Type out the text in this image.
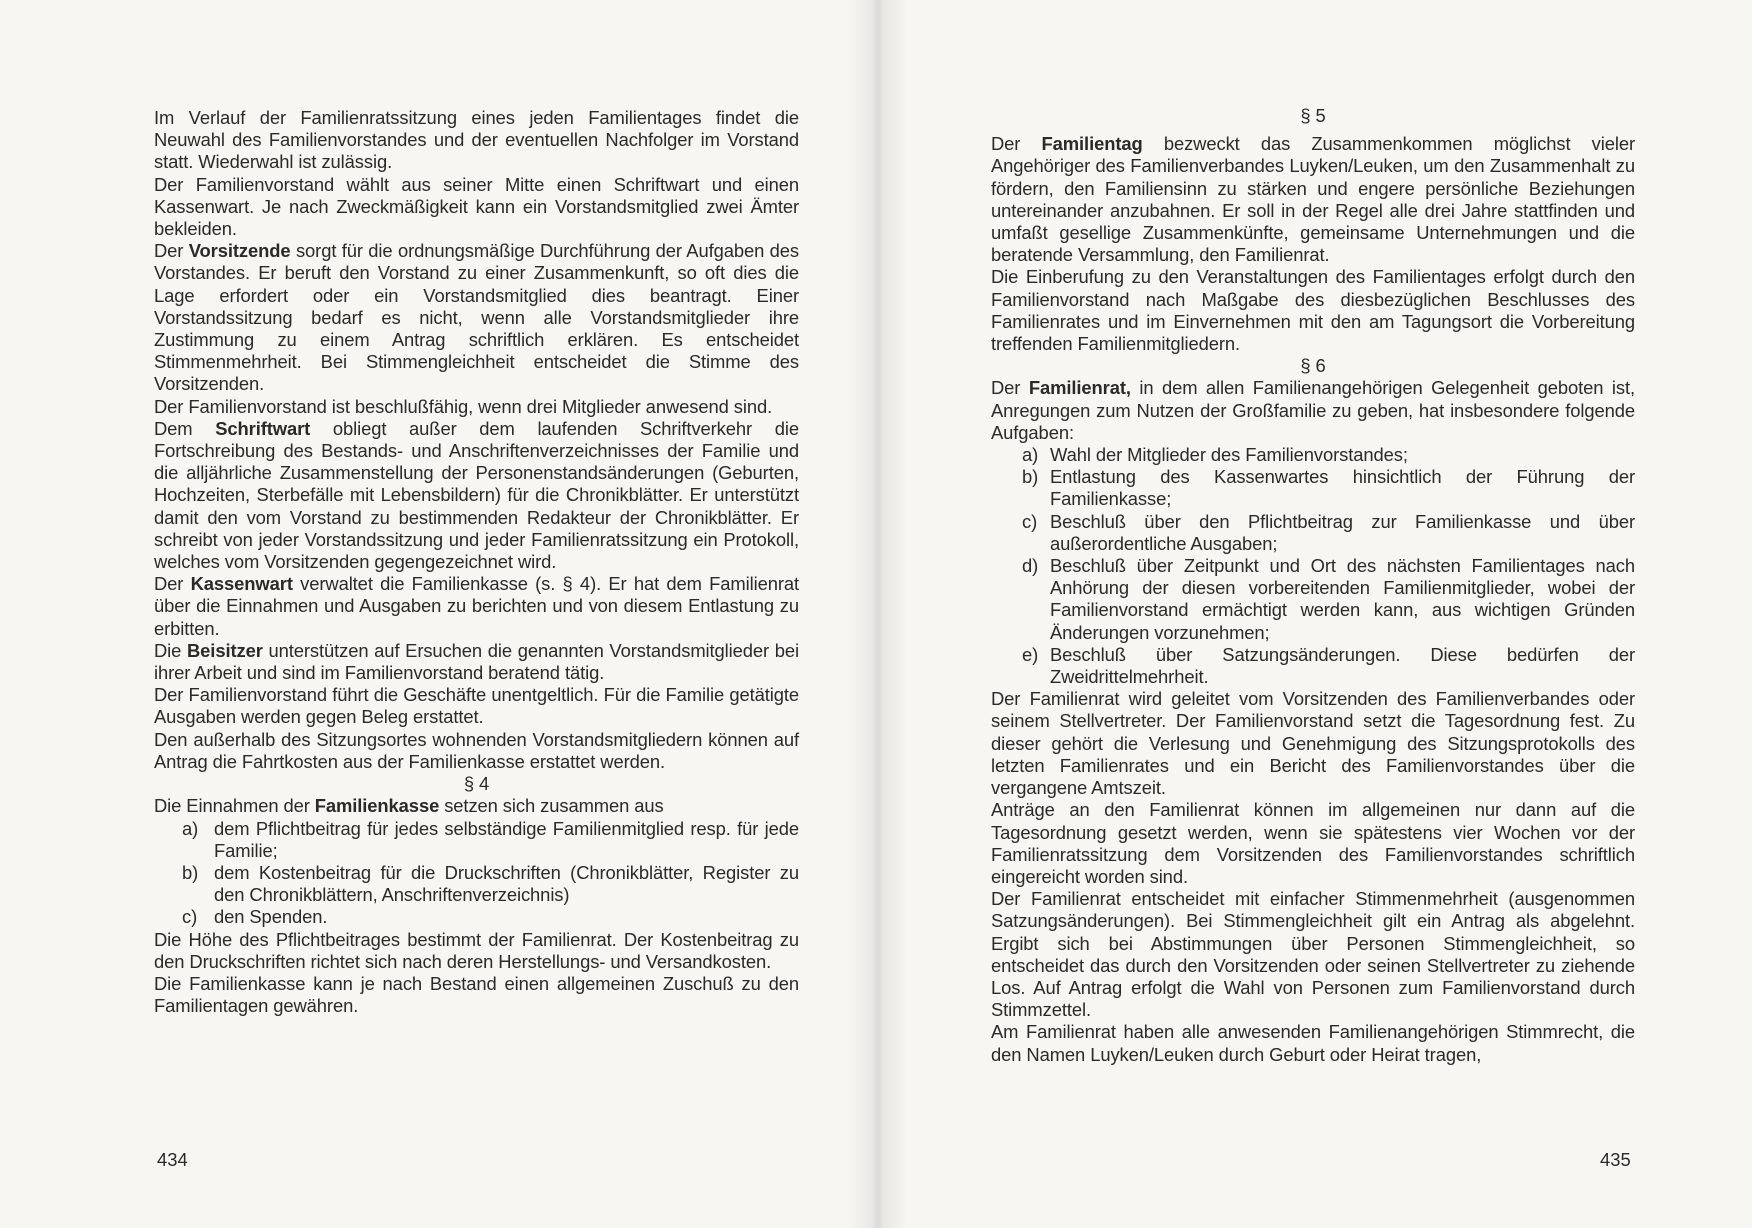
Im Verlauf der Familienratssitzung eines jeden Familientages findet die Neuwahl des Familienvorstandes und der eventuellen Nachfolger im Vorstand statt. Wiederwahl ist zulässig.

Der Familienvorstand wählt aus seiner Mitte einen Schriftwart und einen Kassenwart. Je nach Zweckmäßigkeit kann ein Vorstandsmitglied zwei Ämter bekleiden.

Der Vorsitzende sorgt für die ordnungsmäßige Durchführung der Aufgaben des Vorstandes. Er beruft den Vorstand zu einer Zusammenkunft, so oft dies die Lage erfordert oder ein Vorstandsmitglied dies beantragt. Einer Vorstandssitzung bedarf es nicht, wenn alle Vorstandsmitglieder ihre Zustimmung zu einem Antrag schriftlich erklären. Es entscheidet Stimmenmehrheit. Bei Stimmengleichheit entscheidet die Stimme des Vorsitzenden.

Der Familienvorstand ist beschlußfähig, wenn drei Mitglieder anwesend sind.

Dem Schriftwart obliegt außer dem laufenden Schriftverkehr die Fortschreibung des Bestands- und Anschriftenverzeichnisses der Familie und die alljährliche Zusammenstellung der Personenstandsänderungen (Geburten, Hochzeiten, Sterbefälle mit Lebensbildern) für die Chronikblätter. Er unterstützt damit den vom Vorstand zu bestimmenden Redakteur der Chronikblätter. Er schreibt von jeder Vorstandssitzung und jeder Familienratssitzung ein Protokoll, welches vom Vorsitzenden gegengezeichnet wird.

Der Kassenwart verwaltet die Familienkasse (s. § 4). Er hat dem Familienrat über die Einnahmen und Ausgaben zu berichten und von diesem Entlastung zu erbitten.

Die Beisitzer unterstützen auf Ersuchen die genannten Vorstandsmitglieder bei ihrer Arbeit und sind im Familienvorstand beratend tätig.

Der Familienvorstand führt die Geschäfte unentgeltlich. Für die Familie getätigte Ausgaben werden gegen Beleg erstattet.

Den außerhalb des Sitzungsortes wohnenden Vorstandsmitgliedern können auf Antrag die Fahrtkosten aus der Familienkasse erstattet werden.

§ 4

Die Einnahmen der Familienkasse setzen sich zusammen aus

a) dem Pflichtbeitrag für jedes selbständige Familienmitglied resp. für jede Familie;
b) dem Kostenbeitrag für die Druckschriften (Chronikblätter, Register zu den Chronikblättern, Anschriftenverzeichnis)
c) den Spenden.

Die Höhe des Pflichtbeitrages bestimmt der Familienrat. Der Kostenbeitrag zu den Druckschriften richtet sich nach deren Herstellungs- und Versandkosten.

Die Familienkasse kann je nach Bestand einen allgemeinen Zuschuß zu den Familientagen gewähren.

434

§ 5

Der Familientag bezweckt das Zusammenkommen möglichst vieler Angehöriger des Familienverbandes Luyken/Leuken, um den Zusammenhalt zu fördern, den Familiensinn zu stärken und engere persönliche Beziehungen untereinander anzubahnen. Er soll in der Regel alle drei Jahre stattfinden und umfaßt gesellige Zusammenkünfte, gemeinsame Unternehmungen und die beratende Versammlung, den Familienrat.

Die Einberufung zu den Veranstaltungen des Familientages erfolgt durch den Familienvorstand nach Maßgabe des diesbezüglichen Beschlusses des Familienrates und im Einvernehmen mit den am Tagungsort die Vorbereitung treffenden Familienmitgliedern.

§ 6

Der Familienrat, in dem allen Familienangehörigen Gelegenheit geboten ist, Anregungen zum Nutzen der Großfamilie zu geben, hat insbesondere folgende Aufgaben:

a) Wahl der Mitglieder des Familienvorstandes;
b) Entlastung des Kassenwartes hinsichtlich der Führung der Familienkasse;
c) Beschluß über den Pflichtbeitrag zur Familienkasse und über außerordentliche Ausgaben;
d) Beschluß über Zeitpunkt und Ort des nächsten Familientages nach Anhörung der diesen vorbereitenden Familienmitglieder, wobei der Familienvorstand ermächtigt werden kann, aus wichtigen Gründen Änderungen vorzunehmen;
e) Beschluß über Satzungsänderungen. Diese bedürfen der Zweidrittelmehrheit.

Der Familienrat wird geleitet vom Vorsitzenden des Familienverbandes oder seinem Stellvertreter. Der Familienvorstand setzt die Tagesordnung fest. Zu dieser gehört die Verlesung und Genehmigung des Sitzungsprotokolls des letzten Familienrates und ein Bericht des Familienvorstandes über die vergangene Amtszeit.

Anträge an den Familienrat können im allgemeinen nur dann auf die Tagesordnung gesetzt werden, wenn sie spätestens vier Wochen vor der Familienratssitzung dem Vorsitzenden des Familienvorstandes schriftlich eingereicht worden sind.

Der Familienrat entscheidet mit einfacher Stimmenmehrheit (ausgenommen Satzungsänderungen). Bei Stimmengleichheit gilt ein Antrag als abgelehnt. Ergibt sich bei Abstimmungen über Personen Stimmengleichheit, so entscheidet das durch den Vorsitzenden oder seinen Stellvertreter zu ziehende Los. Auf Antrag erfolgt die Wahl von Personen zum Familienvorstand durch Stimmzettel.

Am Familienrat haben alle anwesenden Familienangehörigen Stimmrecht, die den Namen Luyken/Leuken durch Geburt oder Heirat tragen,

435
